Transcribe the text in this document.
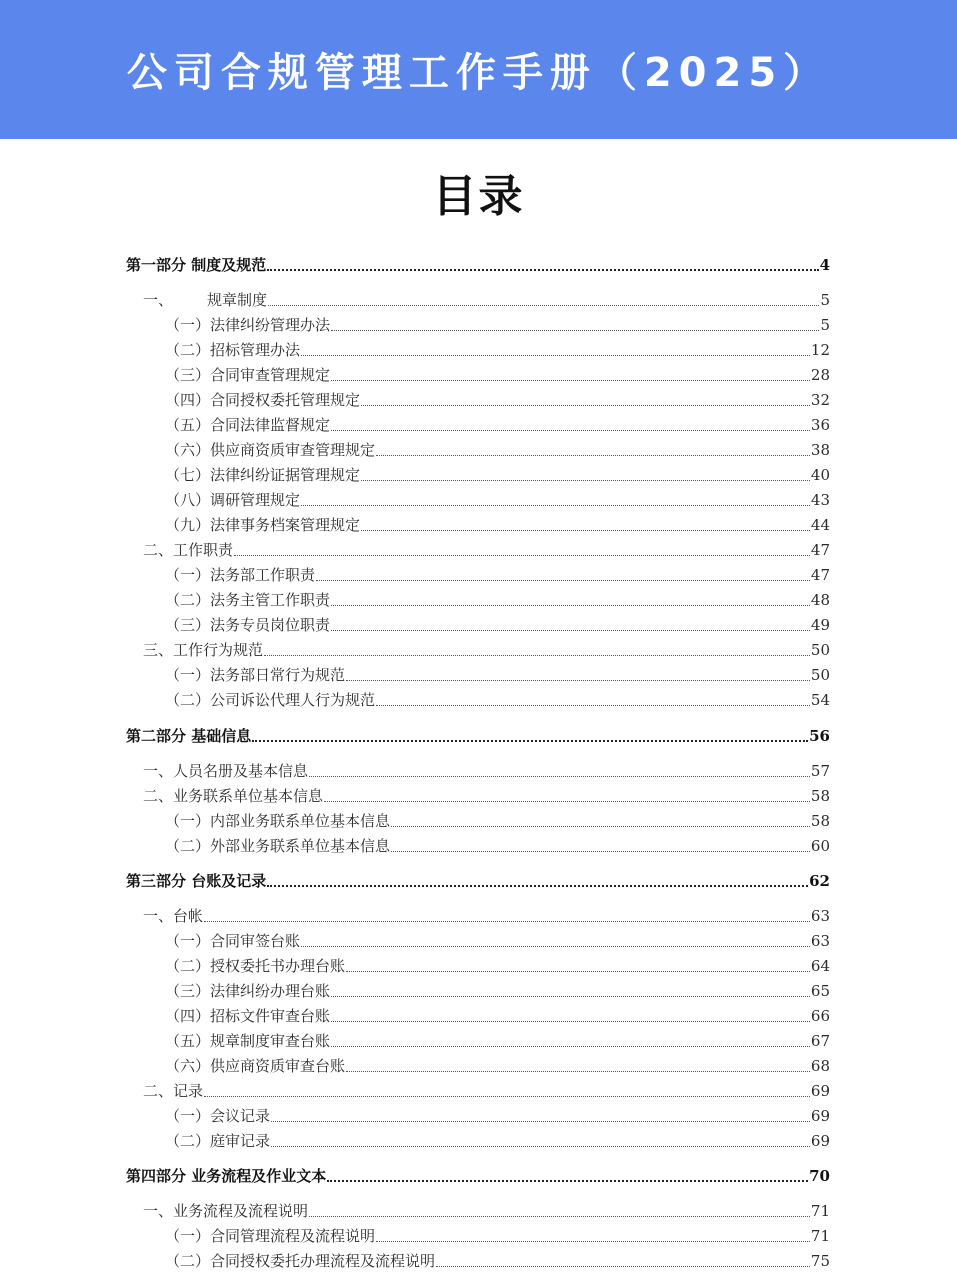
公司合规管理工作手册（2025）
目录
第一部分 制度及规范	4
一、 规章制度	5
（一）法律纠纷管理办法	5
（二）招标管理办法	12
（三）合同审查管理规定	28
（四）合同授权委托管理规定	32
（五）合同法律监督规定	36
（六）供应商资质审查管理规定	38
（七）法律纠纷证据管理规定	40
（八）调研管理规定	43
（九）法律事务档案管理规定	44
二、工作职责	47
（一）法务部工作职责	47
（二）法务主管工作职责	48
（三）法务专员岗位职责	49
三、工作行为规范	50
（一）法务部日常行为规范	50
（二）公司诉讼代理人行为规范	54
第二部分 基础信息	56
一、人员名册及基本信息	57
二、业务联系单位基本信息	58
（一）内部业务联系单位基本信息	58
（二）外部业务联系单位基本信息	60
第三部分 台账及记录	62
一、台帐	63
（一）合同审签台账	63
（二）授权委托书办理台账	64
（三）法律纠纷办理台账	65
（四）招标文件审查台账	66
（五）规章制度审查台账	67
（六）供应商资质审查台账	68
二、记录	69
（一）会议记录	69
（二）庭审记录	69
第四部分 业务流程及作业文本	70
一、业务流程及流程说明	71
（一）合同管理流程及流程说明	71
（二）合同授权委托办理流程及流程说明	75
